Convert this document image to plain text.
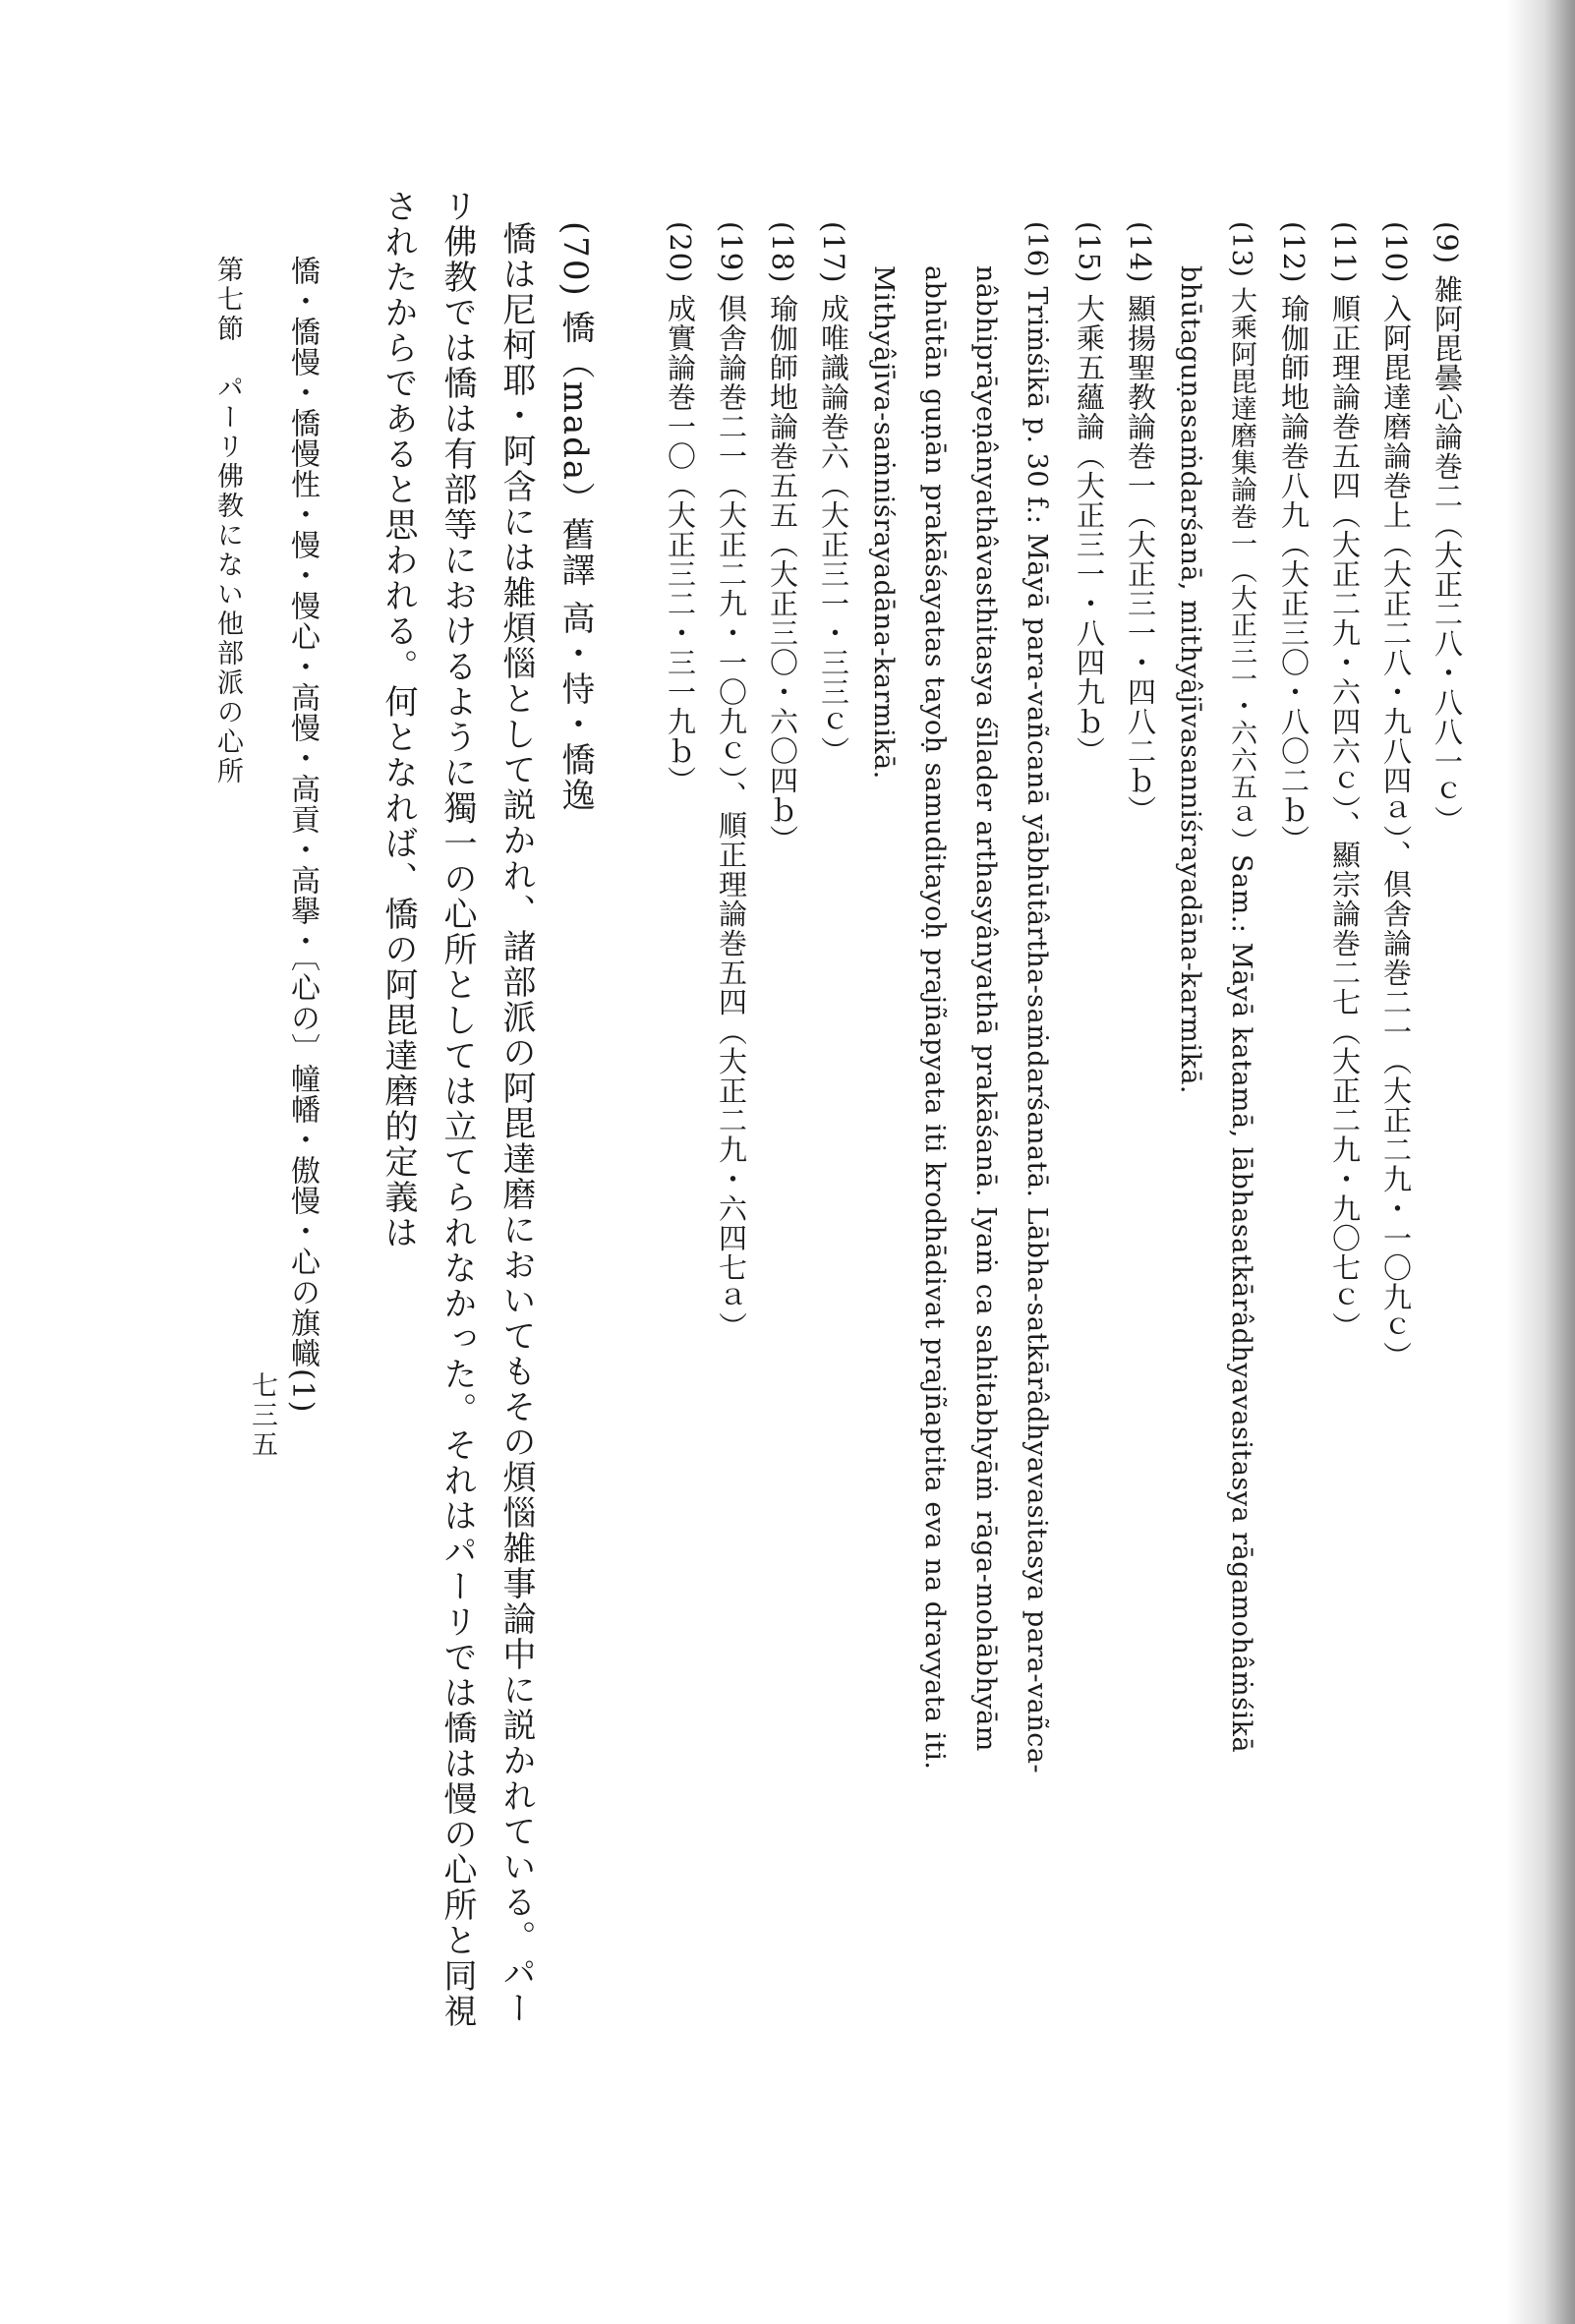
七三五
(9) 雑阿毘曇心論巻二（大正二八・八八一ｃ）
(10) 入阿毘達磨論巻上（大正二八・九八四ａ）、倶舎論巻二一（大正二九・一〇九ｃ）
(11) 順正理論巻五四（大正二九・六四六ｃ）、顯宗論巻二七（大正二九・九〇七ｃ）
(12) 瑜伽師地論巻八九（大正三〇・八〇二ｂ）
(13) 大乘阿毘達磨集論巻一（大正三一・六六五ａ）Sam.: Māyā katamā, lābhasatkārâdhyavasitasya rāgamohâṁśikā
bhūtaguṇasaṁdarśanā, mithyâjīvasanniśrayadāna-karmikā.
(14) 顯揚聖教論巻一（大正三一・四八二ｂ）
(15) 大乘五蘊論（大正三一・八四九ｂ）
(16) Triṁśikā p. 30 f.: Māyā para-vañcanā yābhūtârtha-saṁdarśanatā. Lābha-satkārâdhyavasitasya para-vañca-
nâbhiprāyeṇânyathâvasthitasya śīlader arthasyânyathā prakāśanā. Iyaṁ ca sahitabhyāṁ rāga-mohābhyām
abhūtān guṇān prakāśayatas tayoḥ samuditayoḥ prajñapyata iti krodhādivat prajñaptita eva na dravyata iti.
Mithyâjīva-saṁniśrayadāna-karmikā.
(17) 成唯識論巻六（大正三一・三三ｃ）
(18) 瑜伽師地論巻五五（大正三〇・六〇四ｂ）
(19) 倶舎論巻二一（大正二九・一〇九ｃ）、順正理論巻五四（大正二九・六四七ａ）
(20) 成實論巻一〇（大正三二・三一九ｂ）
(70) 憍（mada）舊譯 高・恃・憍逸
憍は尼柯耶・阿含には雑煩惱として説かれ、諸部派の阿毘達磨においてもその煩惱雑事論中に説かれている。パー
リ佛教では憍は有部等におけるように獨一の心所としては立てられなかった。それはパーリでは憍は慢の心所と同視
されたからであると思われる。何となれば、憍の阿毘達磨的定義は
憍・憍慢・憍慢性・慢・慢心・高慢・高貢・高擧・〔心の〕幢幡・傲慢・心の旗幟(1)
第七節　パーリ佛教にない他部派の心所
